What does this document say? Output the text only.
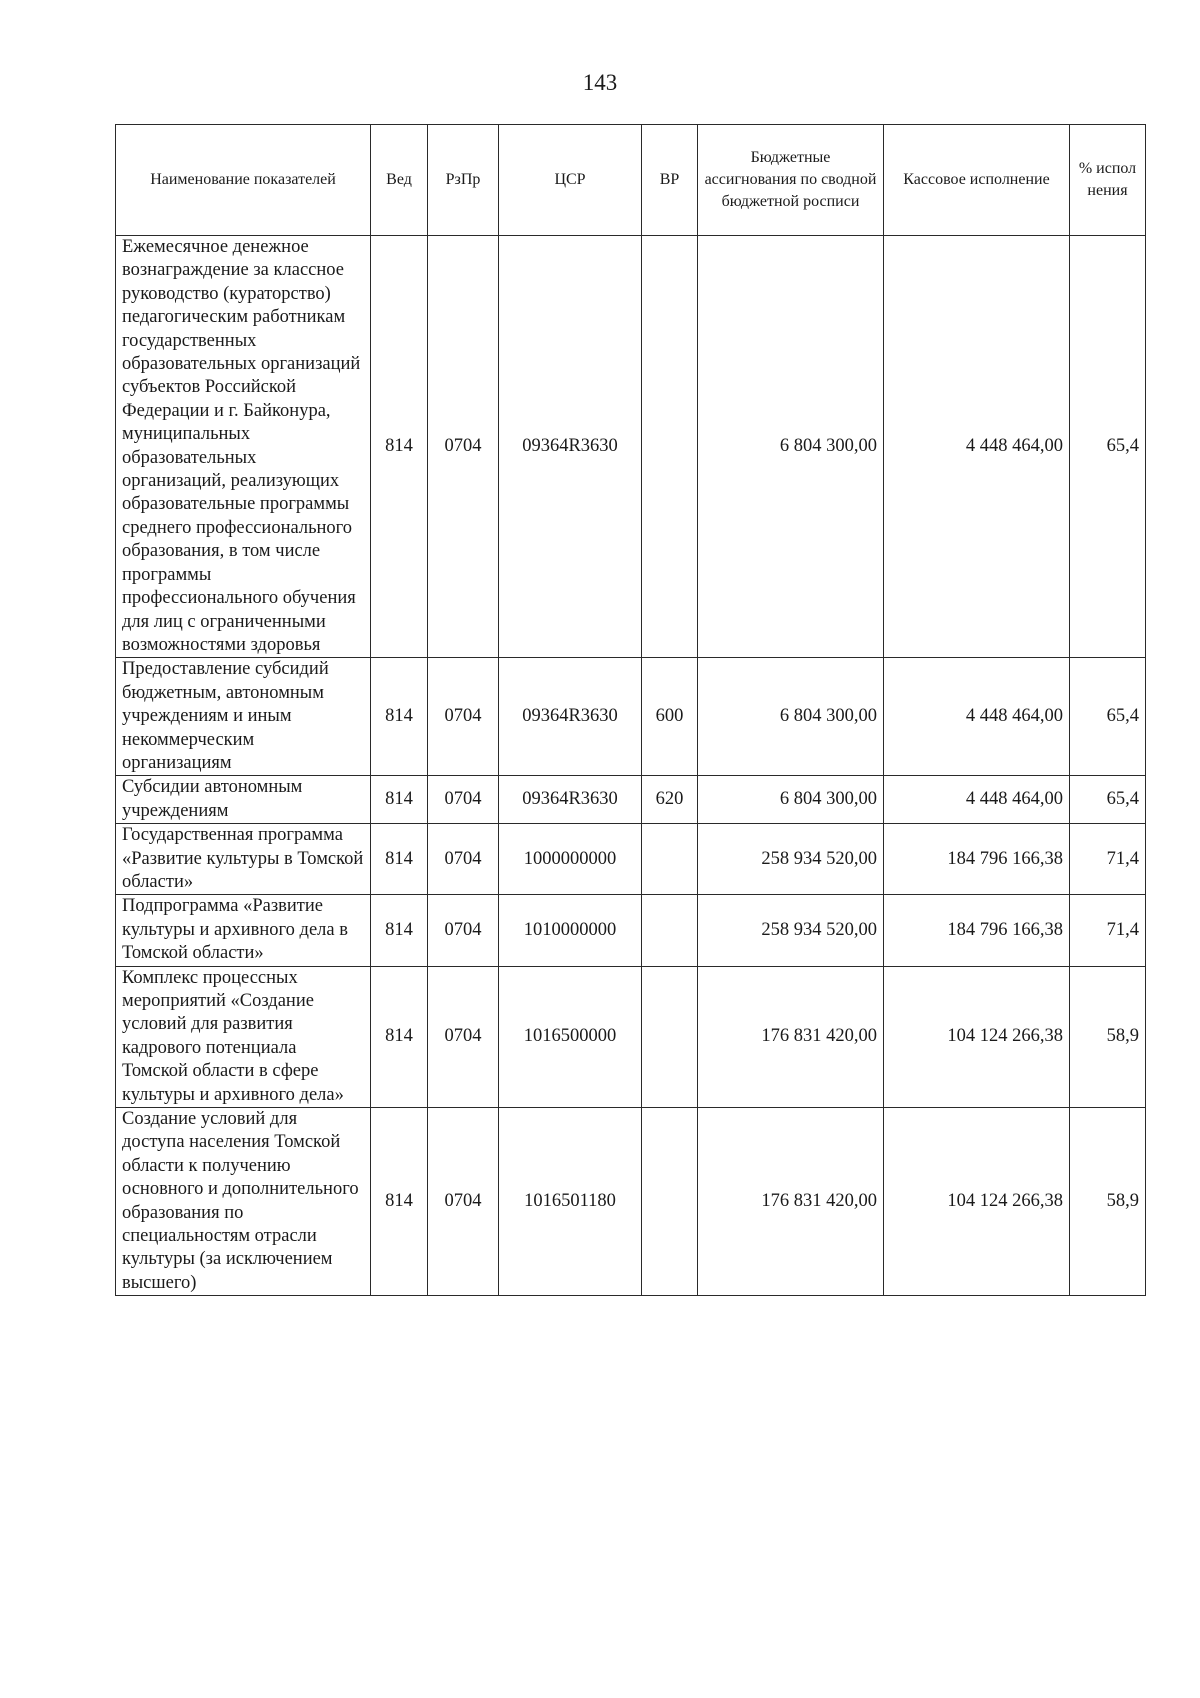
143
Наименование показателей	Вед	РзПр	ЦСР	ВР	Бюджетные ассигнования по сводной бюджетной росписи	Кассовое исполнение	% испол нения
Ежемесячное денежное вознаграждение за классное руководство (кураторство) педагогическим работникам государственных образовательных организаций субъектов Российской Федерации и г. Байконура, муниципальных образовательных организаций, реализующих образовательные программы среднего профессионального образования, в том числе программы профессионального обучения для лиц с ограниченными возможностями здоровья	814	0704	09364R3630		6 804 300,00	4 448 464,00	65,4
Предоставление субсидий бюджетным, автономным учреждениям и иным некоммерческим организациям	814	0704	09364R3630	600	6 804 300,00	4 448 464,00	65,4
Субсидии автономным учреждениям	814	0704	09364R3630	620	6 804 300,00	4 448 464,00	65,4
Государственная программа «Развитие культуры в Томской области»	814	0704	1000000000		258 934 520,00	184 796 166,38	71,4
Подпрограмма «Развитие культуры и архивного дела в Томской области»	814	0704	1010000000		258 934 520,00	184 796 166,38	71,4
Комплекс процессных мероприятий «Создание условий для развития кадрового потенциала Томской области в сфере культуры и архивного дела»	814	0704	1016500000		176 831 420,00	104 124 266,38	58,9
Создание условий для доступа населения Томской области к получению основного и дополнительного образования по специальностям отрасли культуры (за исключением высшего)	814	0704	1016501180		176 831 420,00	104 124 266,38	58,9
